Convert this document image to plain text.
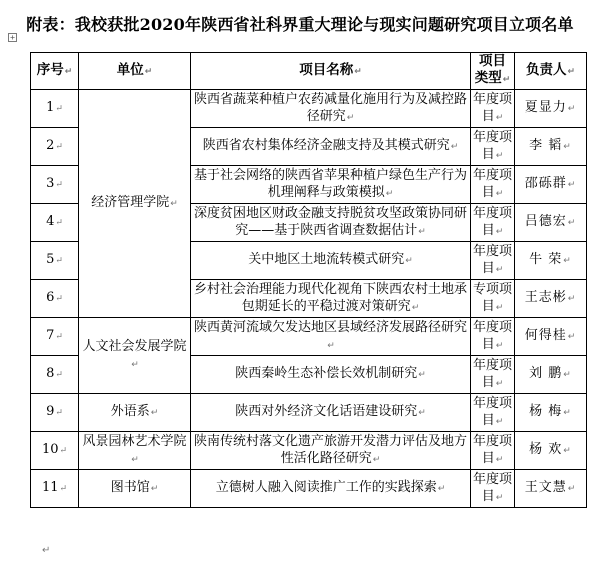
附表：我校获批2020年陕西省社科界重大理论与现实问题研究项目立项名单
+
序号↵	单位↵	项目名称↵	项目类型↵	负责人↵
1↵	经济管理学院↵	陕西省蔬菜种植户农药减量化施用行为及减控路径研究↵	年度项目↵	夏显力↵
2↵		陕西省农村集体经济金融支持及其模式研究↵	年度项目↵	李 韬↵
3↵		基于社会网络的陕西省苹果种植户绿色生产行为机理阐释与政策模拟↵	年度项目↵	邵砾群↵
4↵		深度贫困地区财政金融支持脱贫攻坚政策协同研究——基于陕西省调查数据估计↵	年度项目↵	吕德宏↵
5↵		关中地区土地流转模式研究↵	年度项目↵	牛 荣↵
6↵		乡村社会治理能力现代化视角下陕西农村土地承包期延长的平稳过渡对策研究↵	专项项目↵	王志彬↵
7↵	人文社会发展学院↵	陕西黄河流域欠发达地区县域经济发展路径研究↵	年度项目↵	何得桂↵
8↵		陕西秦岭生态补偿长效机制研究↵	年度项目↵	刘 鹏↵
9↵	外语系↵	陕西对外经济文化话语建设研究↵	年度项目↵	杨 梅↵
10↵	风景园林艺术学院↵	陕南传统村落文化遗产旅游开发潜力评估及地方性活化路径研究↵	年度项目↵	杨 欢↵
11↵	图书馆↵	立德树人融入阅读推广工作的实践探索↵	年度项目↵	王文慧↵
↵
